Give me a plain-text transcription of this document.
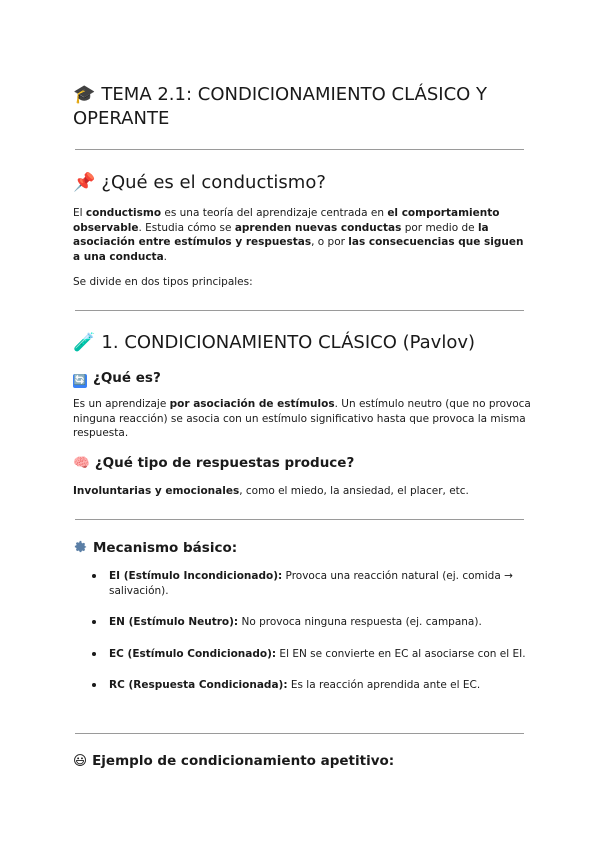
🎓 TEMA 2.1: CONDICIONAMIENTO CLÁSICO Y OPERANTE
📌 ¿Qué es el conductismo?

El conductismo es una teoría del aprendizaje centrada en el comportamiento observable. Estudia cómo se aprenden nuevas conductas por medio de la asociación entre estímulos y respuestas, o por las consecuencias que siguen a una conducta.

Se divide en dos tipos principales:

🧪 1. CONDICIONAMIENTO CLÁSICO (Pavlov)
🔄 ¿Qué es?

Es un aprendizaje por asociación de estímulos. Un estímulo neutro (que no provoca ninguna reacción) se asocia con un estímulo significativo hasta que provoca la misma respuesta.

🧠 ¿Qué tipo de respuestas produce?

Involuntarias y emocionales, como el miedo, la ansiedad, el placer, etc.

Mecanismo básico:
EI (Estímulo Incondicionado): Provoca una reacción natural (ej. comida → salivación).
EN (Estímulo Neutro): No provoca ninguna respuesta (ej. campana).
EC (Estímulo Condicionado): El EN se convierte en EC al asociarse con el EI.
RC (Respuesta Condicionada): Es la reacción aprendida ante el EC.
😃 Ejemplo de condicionamiento apetitivo:
